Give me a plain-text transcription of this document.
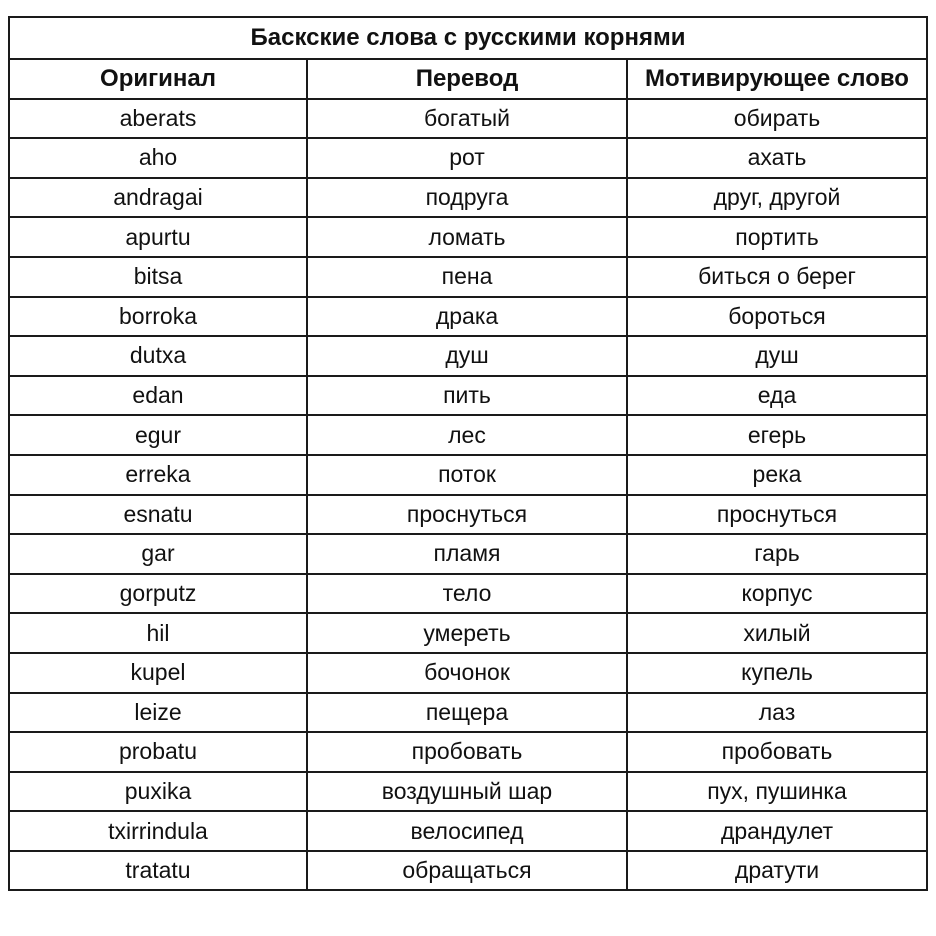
Баскские слова с русскими корнями		
Оригинал	Перевод	Мотивирующее слово
aberats	богатый	обирать
aho	рот	ахать
andragai	подруга	друг, другой
apurtu	ломать	портить
bitsa	пена	биться о берег
borroka	драка	бороться
dutxa	душ	душ
edan	пить	еда
egur	лес	егерь
erreka	поток	река
esnatu	проснуться	проснуться
gar	пламя	гарь
gorputz	тело	корпус
hil	умереть	хилый
kupel	бочонок	купель
leize	пещера	лаз
probatu	пробовать	пробовать
puxika	воздушный шар	пух, пушинка
txirrindula	велосипед	драндулет
tratatu	обращаться	дратути
